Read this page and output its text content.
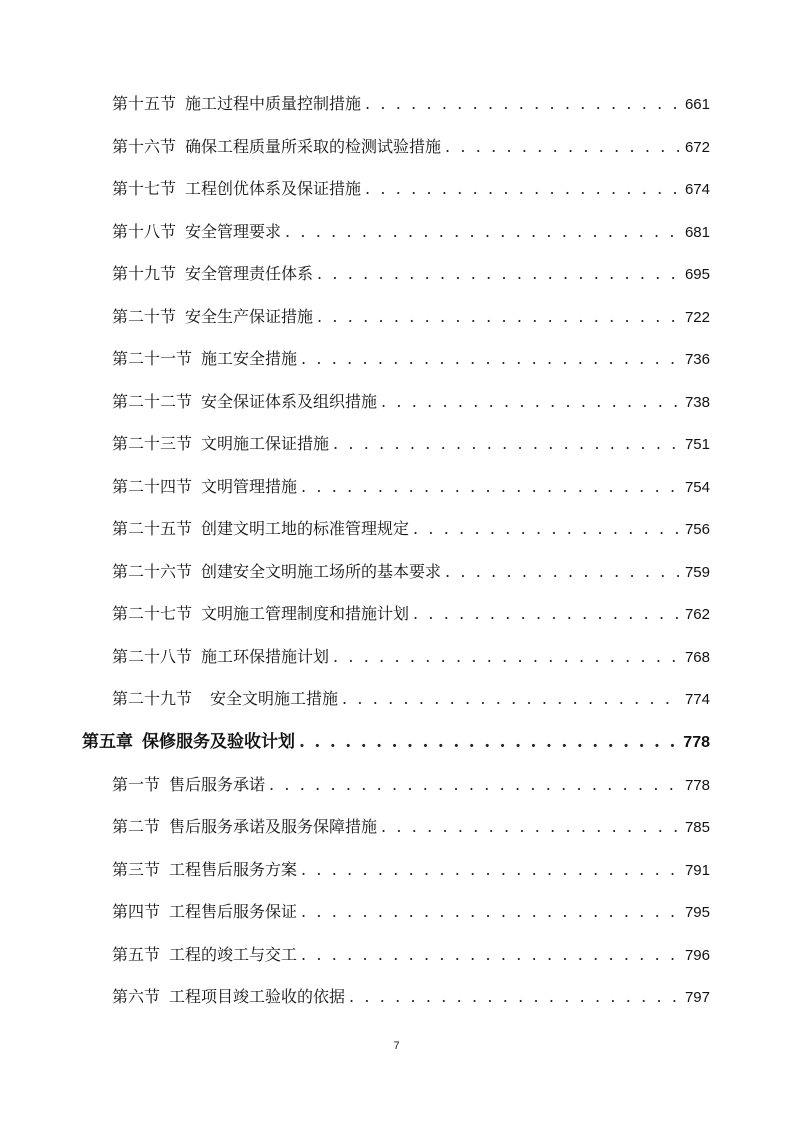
第十五节 施工过程中质量控制措施 . . .	661
第十六节 确保工程质量所采取的检测试验措施 . . .	672
第十七节 工程创优体系及保证措施 . . .	674
第十八节 安全管理要求 . . .	681
第十九节 安全管理责任体系 . . .	695
第二十节 安全生产保证措施 . . .	722
第二十一节 施工安全措施 . . .	736
第二十二节 安全保证体系及组织措施 . . .	738
第二十三节 文明施工保证措施 . . .	751
第二十四节 文明管理措施 . . .	754
第二十五节 创建文明工地的标准管理规定 . . .	756
第二十六节 创建安全文明施工场所的基本要求 . . .	759
第二十七节 文明施工管理制度和措施计划 . . .	762
第二十八节 施工环保措施计划 . . .	768
第二十九节 安全文明施工措施 . . .	774
第五章 保修服务及验收计划 . . .	778
第一节 售后服务承诺 . . .	778
第二节 售后服务承诺及服务保障措施 . . .	785
第三节 工程售后服务方案 . . .	791
第四节 工程售后服务保证 . . .	795
第五节 工程的竣工与交工 . . .	796
第六节 工程项目竣工验收的依据 . . .	797
7
